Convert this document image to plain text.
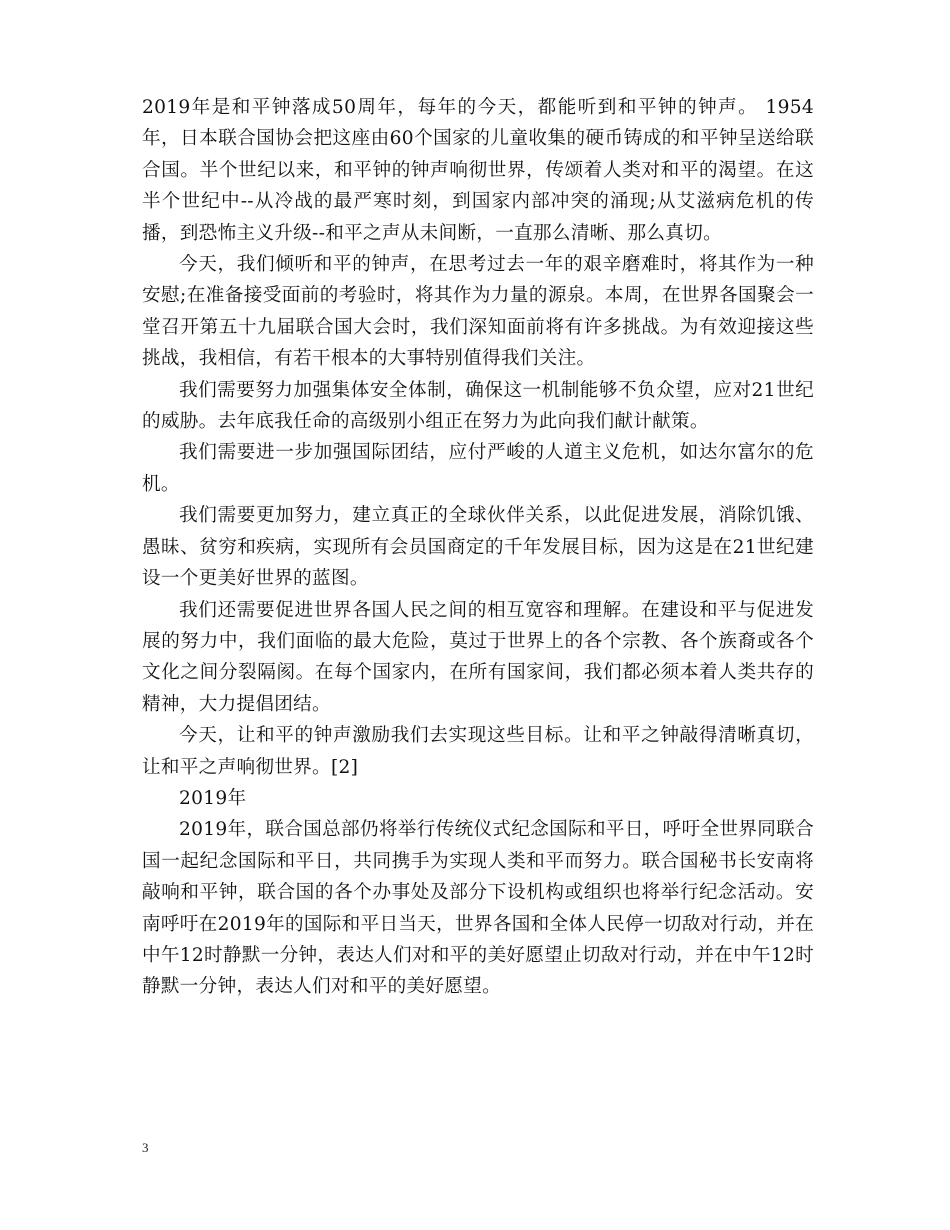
2019年是和平钟落成50周年，每年的今天，都能听到和平钟的钟声。 1954年，日本联合国协会把这座由60个国家的儿童收集的硬币铸成的和平钟呈送给联合国。半个世纪以来，和平钟的钟声响彻世界，传颂着人类对和平的渴望。在这半个世纪中--从冷战的最严寒时刻，到国家内部冲突的涌现;从艾滋病危机的传播，到恐怖主义升级--和平之声从未间断，一直那么清晰、那么真切。

今天，我们倾听和平的钟声，在思考过去一年的艰辛磨难时，将其作为一种安慰;在准备接受面前的考验时，将其作为力量的源泉。本周，在世界各国聚会一堂召开第五十九届联合国大会时，我们深知面前将有许多挑战。为有效迎接这些挑战，我相信，有若干根本的大事特别值得我们关注。

我们需要努力加强集体安全体制，确保这一机制能够不负众望，应对21世纪的威胁。去年底我任命的高级别小组正在努力为此向我们献计献策。

我们需要进一步加强国际团结，应付严峻的人道主义危机，如达尔富尔的危机。

我们需要更加努力，建立真正的全球伙伴关系，以此促进发展，消除饥饿、愚昧、贫穷和疾病，实现所有会员国商定的千年发展目标，因为这是在21世纪建设一个更美好世界的蓝图。

我们还需要促进世界各国人民之间的相互宽容和理解。在建设和平与促进发展的努力中，我们面临的最大危险，莫过于世界上的各个宗教、各个族裔或各个文化之间分裂隔阂。在每个国家内，在所有国家间，我们都必须本着人类共存的精神，大力提倡团结。

今天，让和平的钟声激励我们去实现这些目标。让和平之钟敲得清晰真切，让和平之声响彻世界。[2]

2019年

2019年，联合国总部仍将举行传统仪式纪念国际和平日，呼吁全世界同联合国一起纪念国际和平日，共同携手为实现人类和平而努力。联合国秘书长安南将敲响和平钟，联合国的各个办事处及部分下设机构或组织也将举行纪念活动。安南呼吁在2019年的国际和平日当天，世界各国和全体人民停一切敌对行动，并在中午12时静默一分钟，表达人们对和平的美好愿望止切敌对行动，并在中午12时静默一分钟，表达人们对和平的美好愿望。

3
